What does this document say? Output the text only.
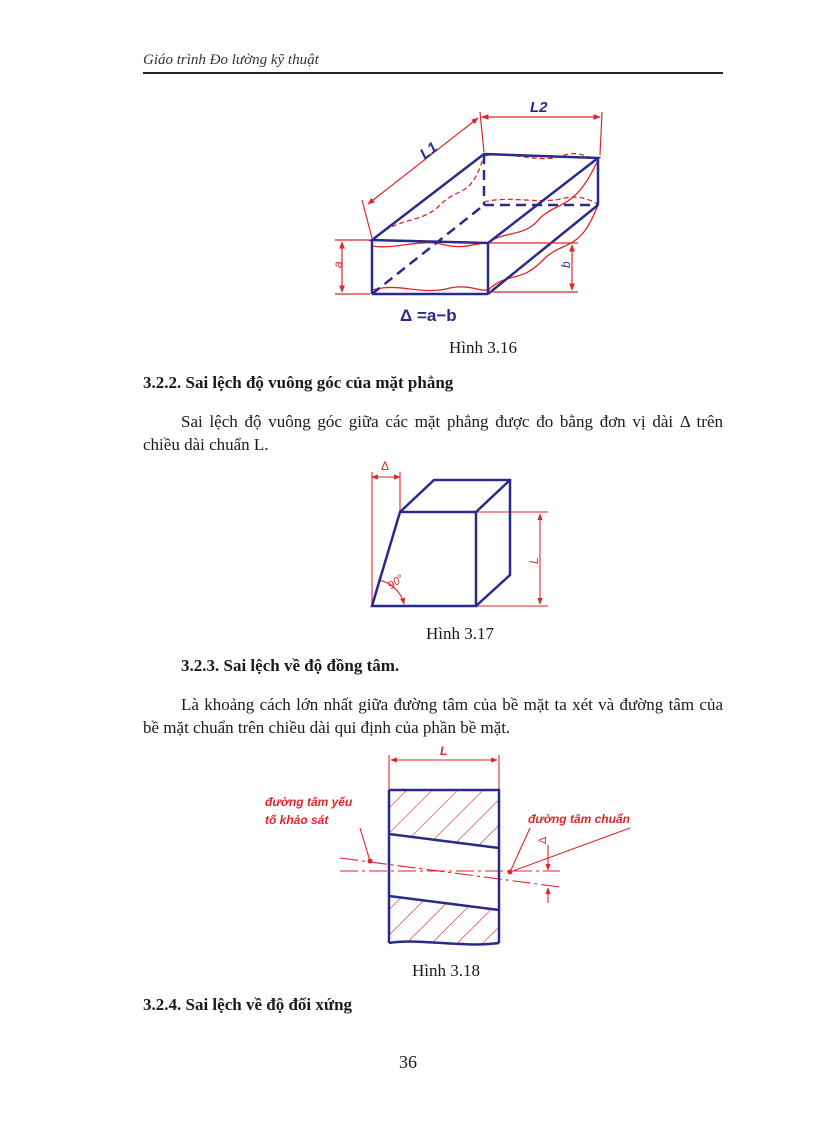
Giáo trình Đo lường kỹ thuật
L1
L2
a	b
Δ =a−b
Hình 3.16
3.2.2. Sai lệch độ vuông góc của mặt phẳng
Sai lệch độ vuông góc giữa các mặt phẳng được đo bằng đơn vị dài Δ trên chiều dài chuẩn L.
Δ
90°
L
Hình 3.17
3.2.3. Sai lệch về độ đồng tâm.
Là khoảng cách lớn nhất giữa đường tâm của bề mặt ta xét và đường tâm của bề mặt chuẩn trên chiều dài qui định của phần bề mặt.
L
đường tâm yếu
tố khảo sát	đường tâm chuẩn
Δ
Hình 3.18
3.2.4. Sai lệch về độ đối xứng
36
